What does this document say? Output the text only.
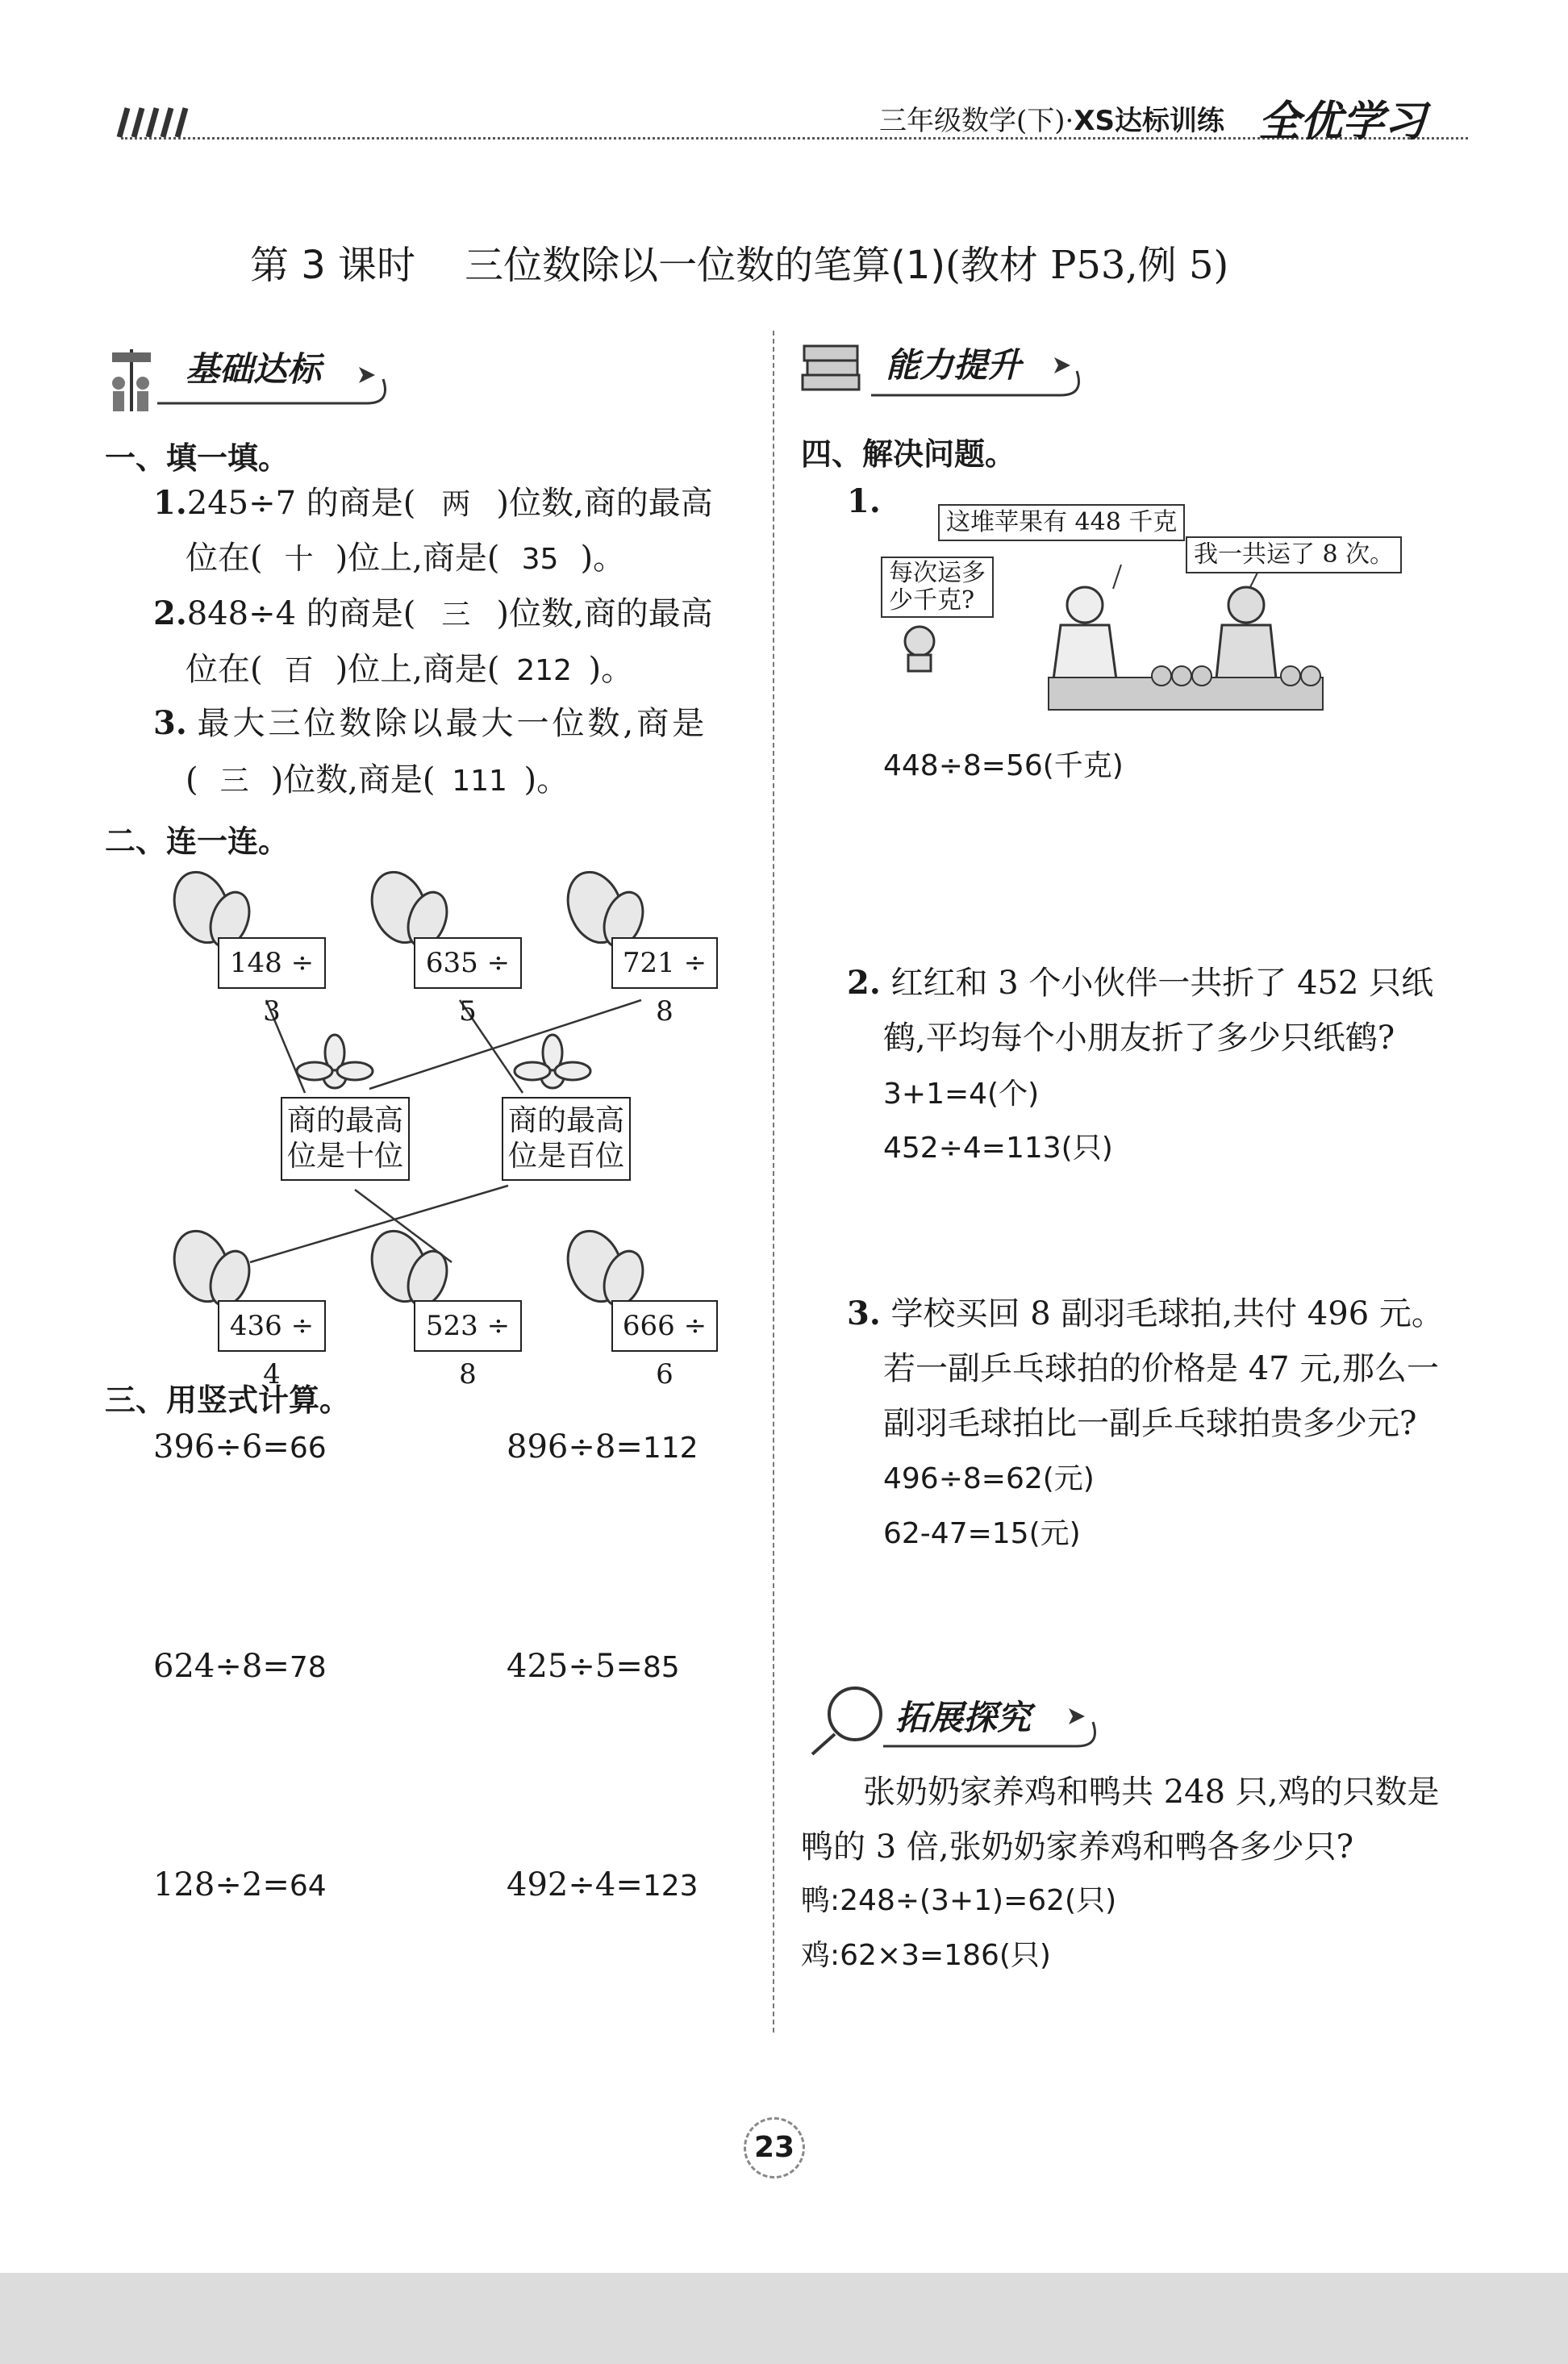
三年级数学(下)·XS达标训练 全优学习
第 3 课时 三位数除以一位数的笔算(1)(教材 P53,例 5)
基础达标
一、填一填。
1.245÷7 的商是( 两 )位数,商的最高
位在( 十 )位上,商是( 35 )。
2.848÷4 的商是( 三 )位数,商的最高
位在( 百 )位上,商是( 212 )。
3. 最大三位数除以最大一位数,商是
( 三 )位数,商是( 111 )。
二、连一连。
148 ÷ 3
635 ÷ 5
721 ÷ 8
商的最高
位是十位
商的最高
位是百位
436 ÷ 4
523 ÷ 8
666 ÷ 6
三、用竖式计算。
396÷6=66	896÷8=112
624÷8=78	425÷5=85
128÷2=64	492÷4=123
能力提升
四、解决问题。
1.
这堆苹果有 448 千克
每次运多
少千克?
我一共运了 8 次。
448÷8=56(千克)
2. 红红和 3 个小伙伴一共折了 452 只纸
鹤,平均每个小朋友折了多少只纸鹤?
3+1=4(个)
452÷4=113(只)
3. 学校买回 8 副羽毛球拍,共付 496 元。
若一副乒乓球拍的价格是 47 元,那么一
副羽毛球拍比一副乒乓球拍贵多少元?
496÷8=62(元)
62-47=15(元)
拓展探究
张奶奶家养鸡和鸭共 248 只,鸡的只数是
鸭的 3 倍,张奶奶家养鸡和鸭各多少只?
鸭:248÷(3+1)=62(只)
鸡:62×3=186(只)
23
